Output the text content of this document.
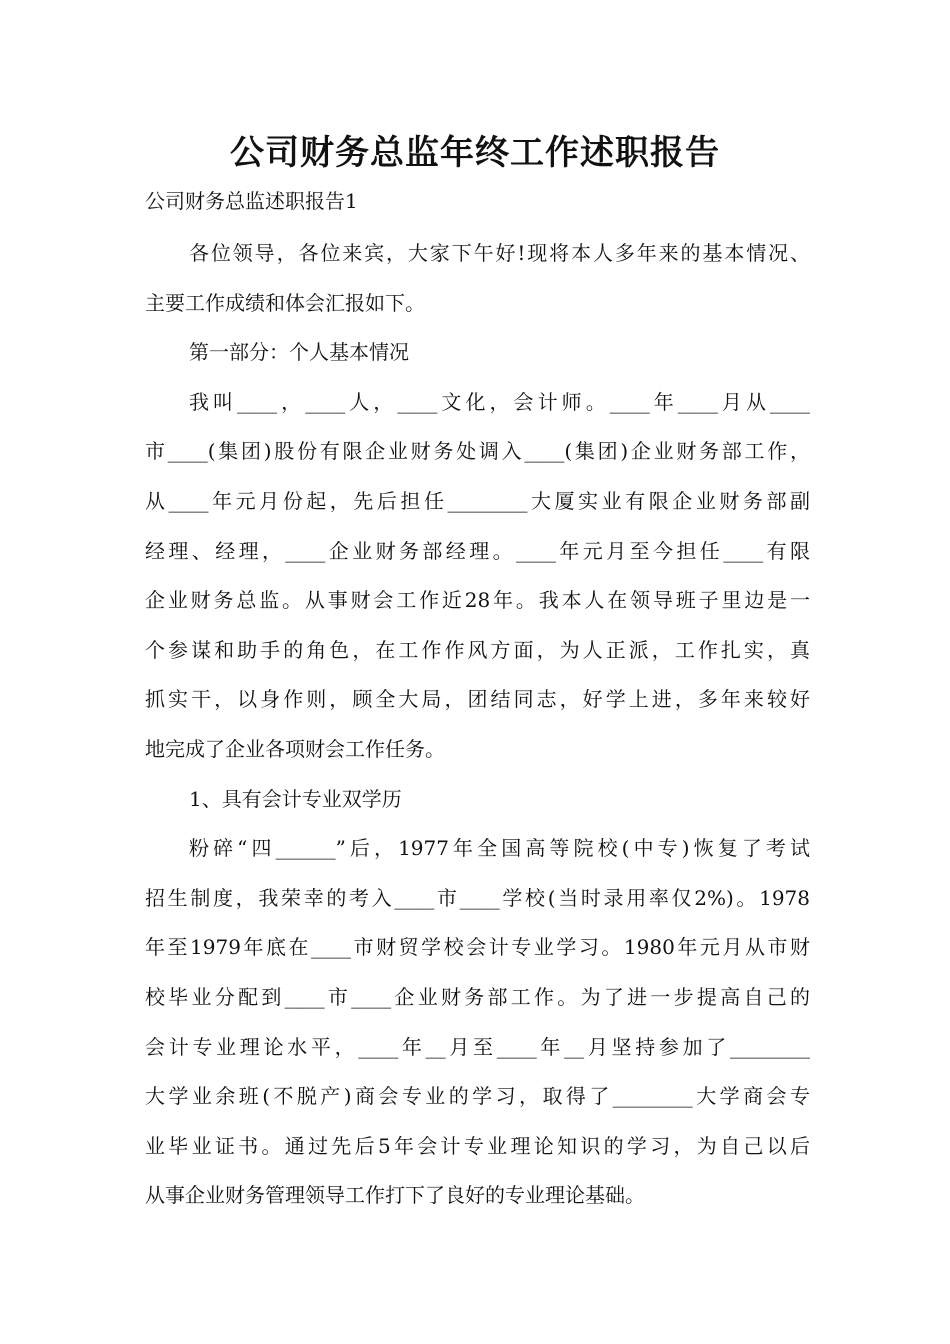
公司财务总监年终工作述职报告
公司财务总监述职报告1
各位领导，各位来宾，大家下午好!现将本人多年来的基本情况、
主要工作成绩和体会汇报如下。
第一部分：个人基本情况
我叫____，____人，____文化，会计师。____年____月从____
市____(集团)股份有限企业财务处调入____(集团)企业财务部工作，
从____年元月份起，先后担任________大厦实业有限企业财务部副
经理、经理，____企业财务部经理。____年元月至今担任____有限
企业财务总监。从事财会工作近28年。我本人在领导班子里边是一
个参谋和助手的角色，在工作作风方面，为人正派，工作扎实，真
抓实干，以身作则，顾全大局，团结同志，好学上进，多年来较好
地完成了企业各项财会工作任务。
1、具有会计专业双学历
粉碎“四______”后，1977年全国高等院校(中专)恢复了考试
招生制度，我荣幸的考入____市____学校(当时录用率仅2%)。1978
年至1979年底在____市财贸学校会计专业学习。1980年元月从市财
校毕业分配到____市____企业财务部工作。为了进一步提高自己的
会计专业理论水平，____年__月至____年__月坚持参加了________
大学业余班(不脱产)商会专业的学习，取得了________大学商会专
业毕业证书。通过先后5年会计专业理论知识的学习，为自己以后
从事企业财务管理领导工作打下了良好的专业理论基础。
